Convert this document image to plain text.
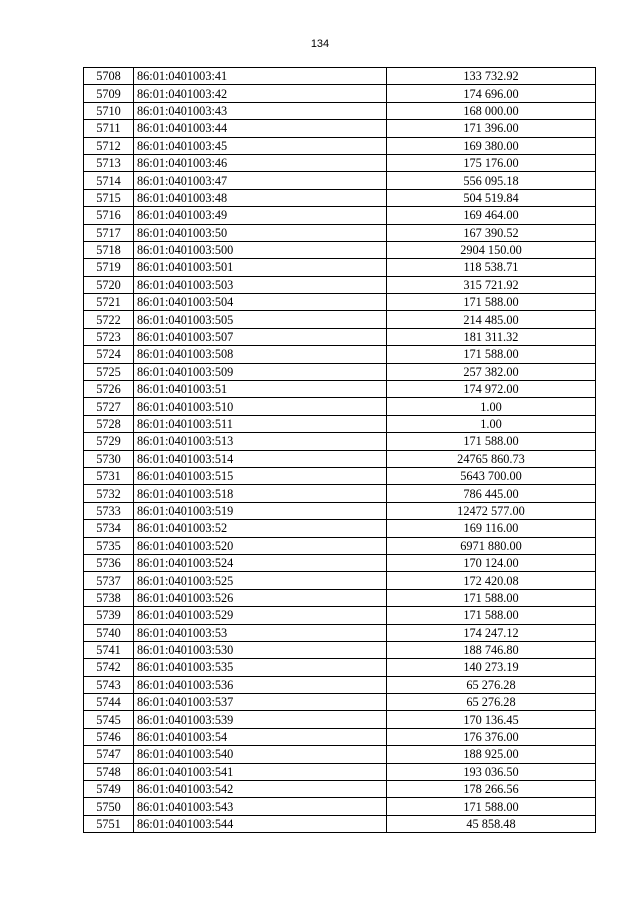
134
5708	86:01:0401003:41	133 732.92
5709	86:01:0401003:42	174 696.00
5710	86:01:0401003:43	168 000.00
5711	86:01:0401003:44	171 396.00
5712	86:01:0401003:45	169 380.00
5713	86:01:0401003:46	175 176.00
5714	86:01:0401003:47	556 095.18
5715	86:01:0401003:48	504 519.84
5716	86:01:0401003:49	169 464.00
5717	86:01:0401003:50	167 390.52
5718	86:01:0401003:500	2904 150.00
5719	86:01:0401003:501	118 538.71
5720	86:01:0401003:503	315 721.92
5721	86:01:0401003:504	171 588.00
5722	86:01:0401003:505	214 485.00
5723	86:01:0401003:507	181 311.32
5724	86:01:0401003:508	171 588.00
5725	86:01:0401003:509	257 382.00
5726	86:01:0401003:51	174 972.00
5727	86:01:0401003:510	1.00
5728	86:01:0401003:511	1.00
5729	86:01:0401003:513	171 588.00
5730	86:01:0401003:514	24765 860.73
5731	86:01:0401003:515	5643 700.00
5732	86:01:0401003:518	786 445.00
5733	86:01:0401003:519	12472 577.00
5734	86:01:0401003:52	169 116.00
5735	86:01:0401003:520	6971 880.00
5736	86:01:0401003:524	170 124.00
5737	86:01:0401003:525	172 420.08
5738	86:01:0401003:526	171 588.00
5739	86:01:0401003:529	171 588.00
5740	86:01:0401003:53	174 247.12
5741	86:01:0401003:530	188 746.80
5742	86:01:0401003:535	140 273.19
5743	86:01:0401003:536	65 276.28
5744	86:01:0401003:537	65 276.28
5745	86:01:0401003:539	170 136.45
5746	86:01:0401003:54	176 376.00
5747	86:01:0401003:540	188 925.00
5748	86:01:0401003:541	193 036.50
5749	86:01:0401003:542	178 266.56
5750	86:01:0401003:543	171 588.00
5751	86:01:0401003:544	45 858.48
